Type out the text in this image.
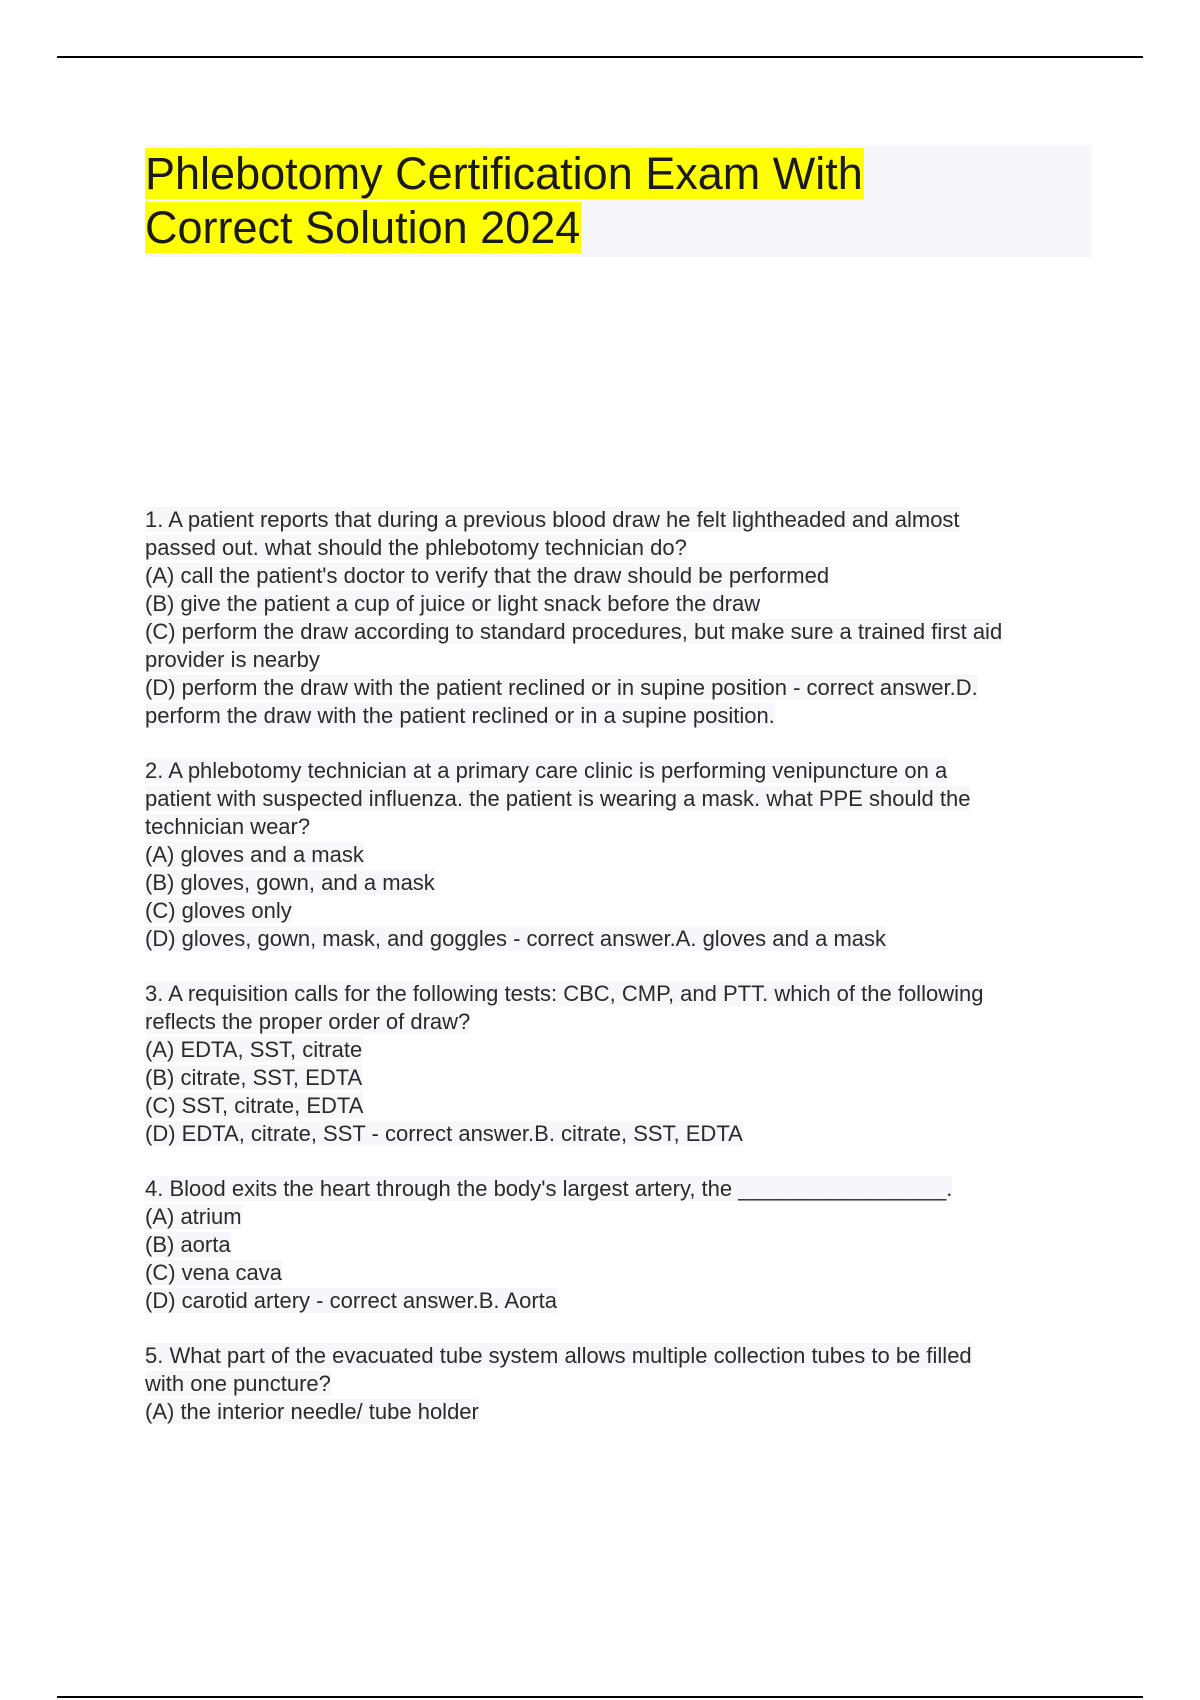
Phlebotomy Certification Exam With
Correct Solution 2024
1. A patient reports that during a previous blood draw he felt lightheaded and almost
passed out. what should the phlebotomy technician do?
(A) call the patient's doctor to verify that the draw should be performed
(B) give the patient a cup of juice or light snack before the draw
(C) perform the draw according to standard procedures, but make sure a trained first aid
provider is nearby
(D) perform the draw with the patient reclined or in supine position - correct answer.D.
perform the draw with the patient reclined or in a supine position.
2. A phlebotomy technician at a primary care clinic is performing venipuncture on a
patient with suspected influenza. the patient is wearing a mask. what PPE should the
technician wear?
(A) gloves and a mask
(B) gloves, gown, and a mask
(C) gloves only
(D) gloves, gown, mask, and goggles - correct answer.A. gloves and a mask
3. A requisition calls for the following tests: CBC, CMP, and PTT. which of the following
reflects the proper order of draw?
(A) EDTA, SST, citrate
(B) citrate, SST, EDTA
(C) SST, citrate, EDTA
(D) EDTA, citrate, SST - correct answer.B. citrate, SST, EDTA
4. Blood exits the heart through the body's largest artery, the _________________.
(A) atrium
(B) aorta
(C) vena cava
(D) carotid artery - correct answer.B. Aorta
5. What part of the evacuated tube system allows multiple collection tubes to be filled
with one puncture?
(A) the interior needle/ tube holder
